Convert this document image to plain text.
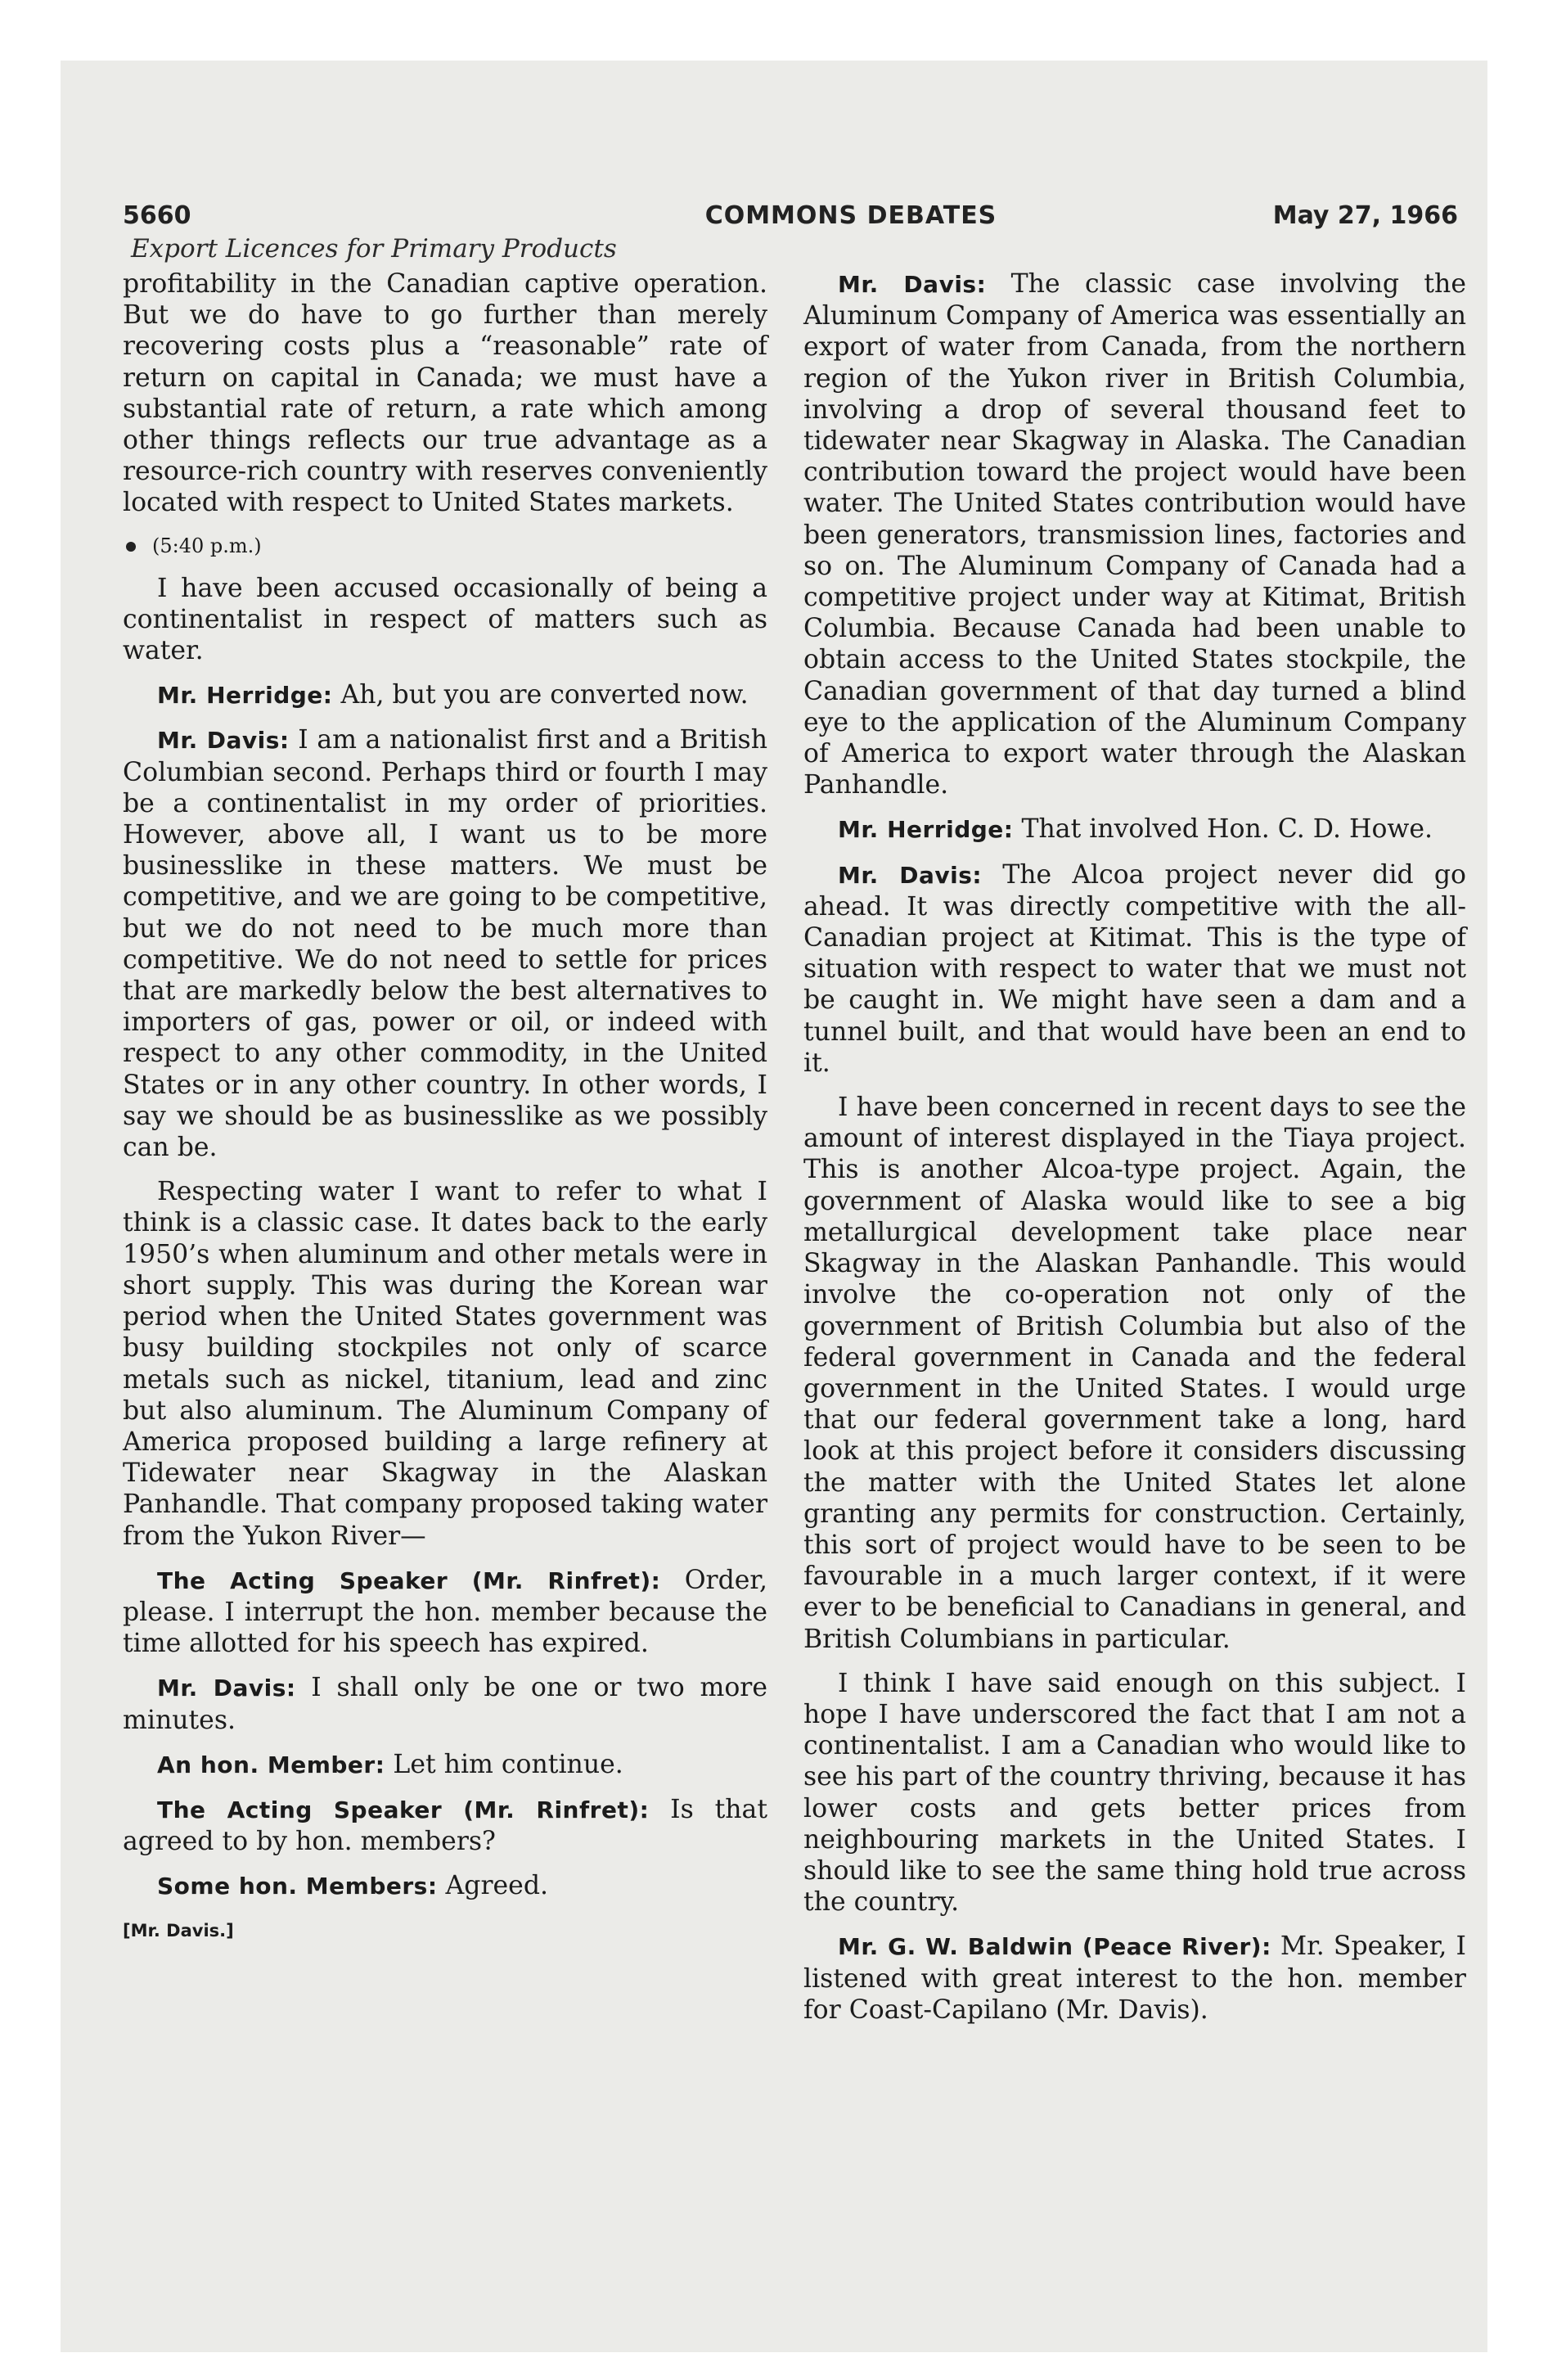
5660	COMMONS DEBATES	May 27, 1966
Export Licences for Primary Products

profitability in the Canadian captive operation. But we do have to go further than merely recovering costs plus a “reasonable” rate of return on capital in Canada; we must have a substantial rate of return, a rate which among other things reflects our true advantage as a resource-rich country with reserves conveniently located with respect to United States markets.

(5:40 p.m.)

I have been accused occasionally of being a continentalist in respect of matters such as water.

Mr. Herridge: Ah, but you are converted now.

Mr. Davis: I am a nationalist first and a British Columbian second. Perhaps third or fourth I may be a continentalist in my order of priorities. However, above all, I want us to be more businesslike in these matters. We must be competitive, and we are going to be competitive, but we do not need to be much more than competitive. We do not need to settle for prices that are markedly below the best alternatives to importers of gas, power or oil, or indeed with respect to any other commodity, in the United States or in any other country. In other words, I say we should be as businesslike as we possibly can be.

Respecting water I want to refer to what I think is a classic case. It dates back to the early 1950’s when aluminum and other metals were in short supply. This was during the Korean war period when the United States government was busy building stockpiles not only of scarce metals such as nickel, titanium, lead and zinc but also aluminum. The Aluminum Company of America proposed building a large refinery at Tidewater near Skagway in the Alaskan Panhandle. That company proposed taking water from the Yukon River—

The Acting Speaker (Mr. Rinfret): Order, please. I interrupt the hon. member because the time allotted for his speech has expired.

Mr. Davis: I shall only be one or two more minutes.

An hon. Member: Let him continue.

The Acting Speaker (Mr. Rinfret): Is that agreed to by hon. members?

Some hon. Members: Agreed.

[Mr. Davis.]

Mr. Davis: The classic case involving the Aluminum Company of America was essentially an export of water from Canada, from the northern region of the Yukon river in British Columbia, involving a drop of several thousand feet to tidewater near Skagway in Alaska. The Canadian contribution toward the project would have been water. The United States contribution would have been generators, transmission lines, factories and so on. The Aluminum Company of Canada had a competitive project under way at Kitimat, British Columbia. Because Canada had been unable to obtain access to the United States stockpile, the Canadian government of that day turned a blind eye to the application of the Aluminum Company of America to export water through the Alaskan Panhandle.

Mr. Herridge: That involved Hon. C. D. Howe.

Mr. Davis: The Alcoa project never did go ahead. It was directly competitive with the all-Canadian project at Kitimat. This is the type of situation with respect to water that we must not be caught in. We might have seen a dam and a tunnel built, and that would have been an end to it.

I have been concerned in recent days to see the amount of interest displayed in the Tiaya project. This is another Alcoa-type project. Again, the government of Alaska would like to see a big metallurgical development take place near Skagway in the Alaskan Panhandle. This would involve the co-operation not only of the government of British Columbia but also of the federal government in Canada and the federal government in the United States. I would urge that our federal government take a long, hard look at this project before it considers discussing the matter with the United States let alone granting any permits for construction. Certainly, this sort of project would have to be seen to be favourable in a much larger context, if it were ever to be beneficial to Canadians in general, and British Columbians in particular.

I think I have said enough on this subject. I hope I have underscored the fact that I am not a continentalist. I am a Canadian who would like to see his part of the country thriving, because it has lower costs and gets better prices from neighbouring markets in the United States. I should like to see the same thing hold true across the country.

Mr. G. W. Baldwin (Peace River): Mr. Speaker, I listened with great interest to the hon. member for Coast-Capilano (Mr. Davis).
